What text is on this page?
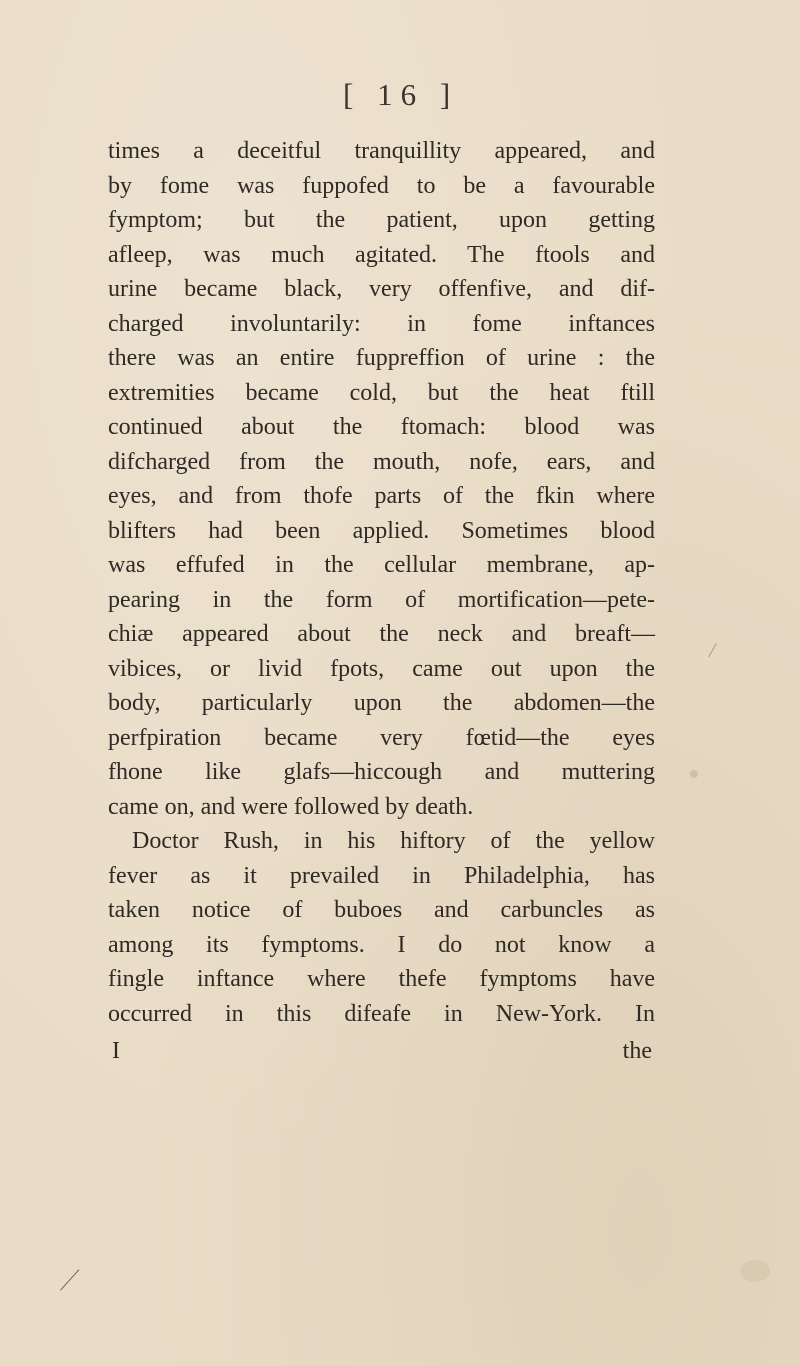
[ 16 ]
times a deceitful tranquillity appeared, and
by fome was fuppofed to be a favourable
fymptom; but the patient, upon getting
afleep, was much agitated. The ftools and
urine became black, very offenfive, and dif-
charged involuntarily: in fome inftances
there was an entire fuppreffion of urine : the
extremities became cold, but the heat ftill
continued about the ftomach: blood was
difcharged from the mouth, nofe, ears, and
eyes, and from thofe parts of the fkin where
blifters had been applied. Sometimes blood
was effufed in the cellular membrane, ap-
pearing in the form of mortification—pete-
chiæ appeared about the neck and breaft—
vibices, or livid fpots, came out upon the
body, particularly upon the abdomen—the
perfpiration became very fœtid—the eyes
fhone like glafs—hiccough and muttering
came on, and were followed by death.
Doctor Rush, in his hiftory of the yellow
fever as it prevailed in Philadelphia, has
taken notice of buboes and carbuncles as
among its fymptoms. I do not know a
fingle inftance where thefe fymptoms have
occurred in this difeafe in New-York. In
I	the
